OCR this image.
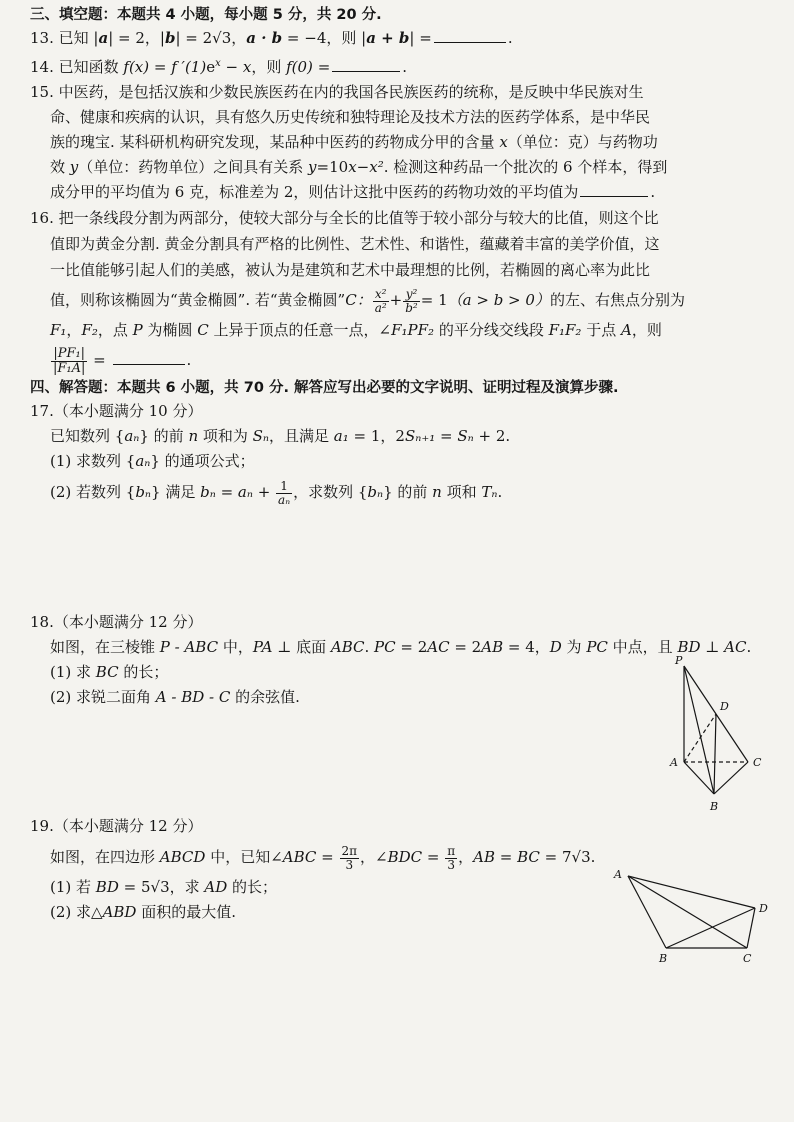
三、填空题：本题共 4 小题，每小题 5 分，共 20 分.
13. 已知 |a| = 2，|b| = 2√3，a · b = −4，则 |a + b| =	.
14. 已知函数 f(x) = f $'(1)e^x - x$，则 f(0) =	.
15. 中医药，是包括汉族和少数民族医药在内的我国各民族医药的统称，是反映中华民族对生
命、健康和疾病的认识，具有悠久历史传统和独特理论及技术方法的医药学体系，是中华民
族的瑰宝. 某科研机构研究发现，某品种中医药的药物成分甲的含量 x（单位：克）与药物功
效 y（单位：药物单位）之间具有关系 y=10x−x². 检测这种药品一个批次的 6 个样本，得到
成分甲的平均值为 6 克，标准差为 2，则估计这批中医药的药物功效的平均值为	.
16. 把一条线段分割为两部分，使较大部分与全长的比值等于较小部分与较大的比值，则这个比
值即为黄金分割. 黄金分割具有严格的比例性、艺术性、和谐性，蕴藏着丰富的美学价值，这
一比值能够引起人们的美感，被认为是建筑和艺术中最理想的比例，若椭圆的离心率为此比
值，则称该椭圆为“黄金椭圆”. 若“黄金椭圆”C： $\frac{\text{x²}}{\text{a²}} + \frac{\text{y²}}{\text{b²}} = 1(a > b > 0)$的左、右焦点分别为
F₁，F₂，点 P 为椭圆 C 上异于顶点的任意一点，∠F₁PF₂ 的平分线交线段 F₁F₂ 于点 A，则
$\frac{\text{|PF₁|}}{\text{|F₁A|}}$ =	.
四、解答题：本题共 6 小题，共 70 分. 解答应写出必要的文字说明、证明过程及演算步骤.
17.（本小题满分 10 分）
已知数列 {aₙ} 的前 n 项和为 Sₙ，且满足 a₁ = 1，2Sₙ₊₁ = Sₙ + 2.
(1) 求数列 {aₙ} 的通项公式；
(2) 若数列 {bₙ} 满足 $b_n = a_n + \frac{1}{\text{aₙ}}$ ，求数列 {bₙ} 的前 n 项和 Tₙ.
18.（本小题满分 12 分）
如图，在三棱锥 P - ABC 中，PA ⊥ 底面 ABC. PC = 2AC = 2AB = 4，D 为 PC 中点，且 BD ⊥ AC.
(1) 求 BC 的长；
(2) 求锐二面角 A - BD - C 的余弦值.
19.（本小题满分 12 分）
如图，在四边形 ABCD 中，已知∠ABC = $\frac{2\pi}{3}$ ，∠BDC = $\frac{\pi}{3}$ ，AB = BC = 7√3.
(1) 若 BD = 5√3，求 AD 的长；
(2) 求△ABD 面积的最大值.
P
D
A	C
B
A
D
B	C
